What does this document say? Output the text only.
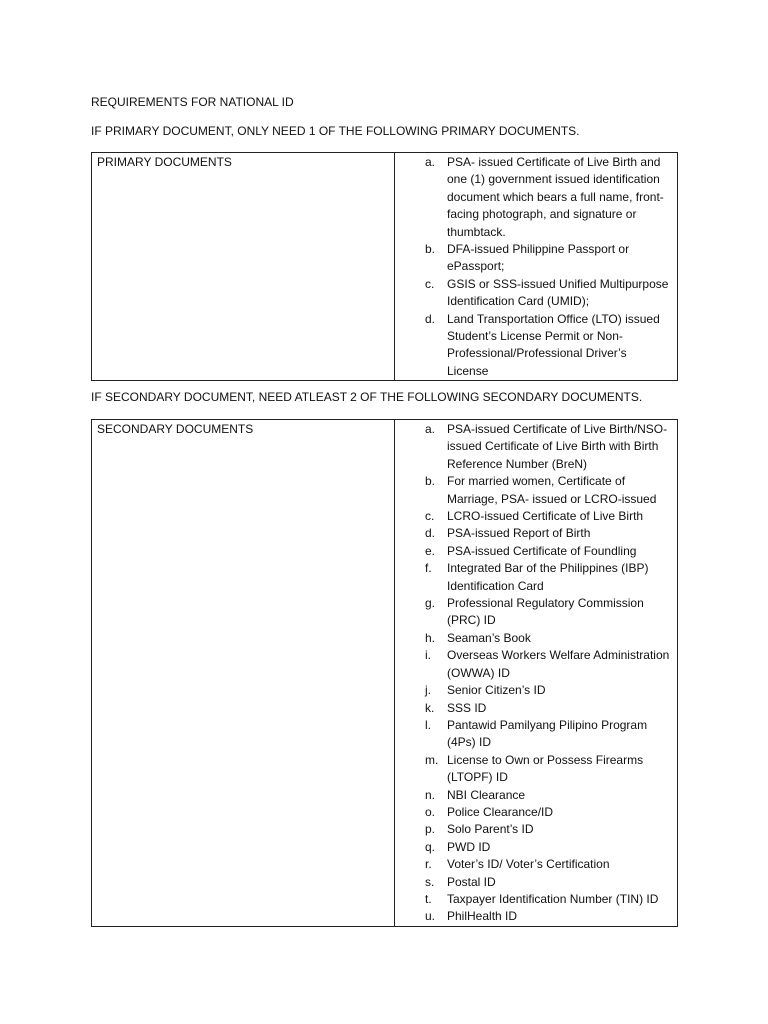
REQUIREMENTS FOR NATIONAL ID
IF PRIMARY DOCUMENT, ONLY NEED 1 OF THE FOLLOWING PRIMARY DOCUMENTS.
PRIMARY DOCUMENTS	a. PSA- issued Certificate of Live Birth and one (1) government issued identification document which bears a full name, front-facing photograph, and signature or thumbtack.
b. DFA-issued Philippine Passport or ePassport;
c.	GSIS or SSS-issued Unified Multipurpose Identification Card (UMID);
d. Land Transportation Office (LTO) issued Student’s License Permit or Non-Professional/Professional Driver’s License
IF SECONDARY DOCUMENT, NEED ATLEAST 2 OF THE FOLLOWING SECONDARY DOCUMENTS.
SECONDARY DOCUMENTS	a. PSA-issued Certificate of Live Birth/NSO-issued Certificate of Live Birth with Birth Reference Number (BreN)
b. For married women, Certificate of Marriage, PSA- issued or LCRO-issued
c.	LCRO-issued Certificate of Live Birth
d. PSA-issued Report of Birth
e. PSA-issued Certificate of Foundling
f.	Integrated Bar of the Philippines (IBP) Identification Card
g. Professional Regulatory Commission (PRC) ID
h. Seaman’s Book
i.	Overseas Workers Welfare Administration (OWWA) ID
j.	Senior Citizen’s ID
k.	SSS ID
l.	Pantawid Pamilyang Pilipino Program (4Ps) ID
m. License to Own or Possess Firearms (LTOPF) ID
n. NBI Clearance
o. Police Clearance/ID
p. Solo Parent’s ID
q. PWD ID
r.	Voter’s ID/ Voter’s Certification
s.	Postal ID
t.	Taxpayer Identification Number (TIN) ID
u. PhilHealth ID
